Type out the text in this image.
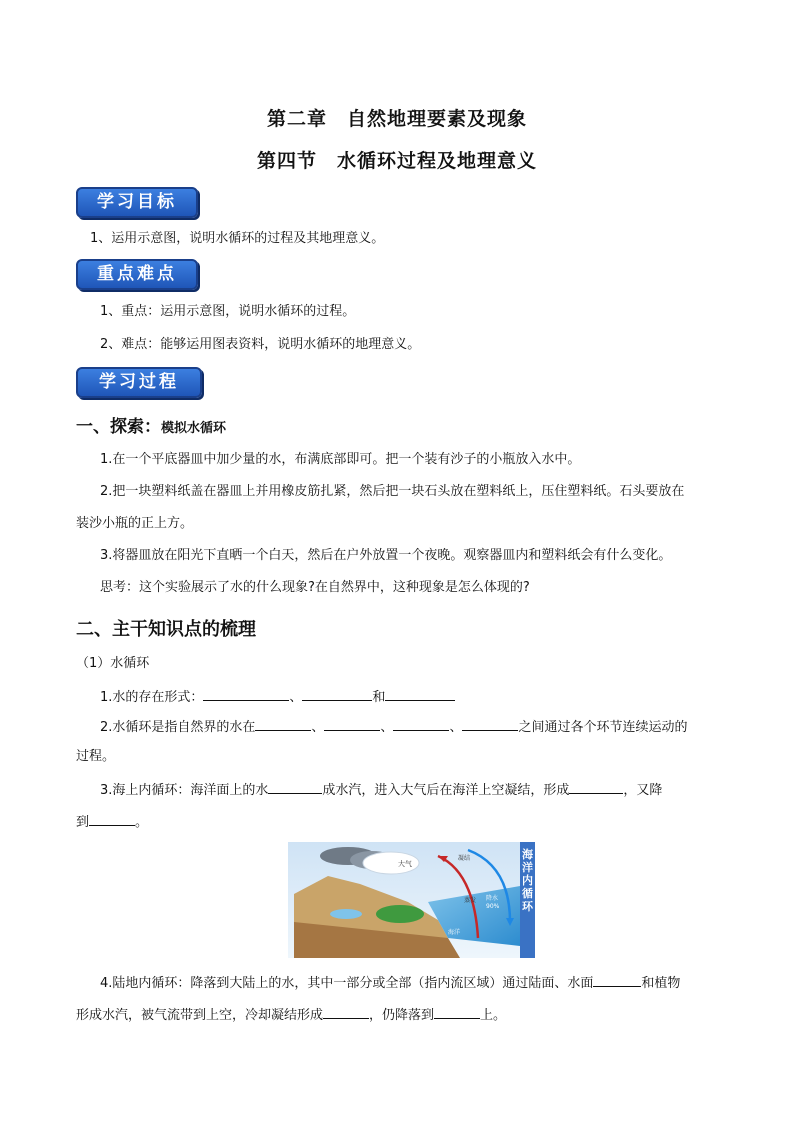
第二章　自然地理要素及现象
第四节　水循环过程及地理意义
学习目标
1、运用示意图，说明水循环的过程及其地理意义。
重点难点
1、重点：运用示意图，说明水循环的过程。
2、难点：能够运用图表资料，说明水循环的地理意义。
学习过程
一、探索：模拟水循环
1.在一个平底器皿中加少量的水，布满底部即可。把一个装有沙子的小瓶放入水中。
2.把一块塑料纸盖在器皿上并用橡皮筋扎紧，然后把一块石头放在塑料纸上，压住塑料纸。石头要放在
装沙小瓶的正上方。
3.将器皿放在阳光下直晒一个白天，然后在户外放置一个夜晚。观察器皿内和塑料纸会有什么变化。
思考：这个实验展示了水的什么现象?在自然界中，这种现象是怎么体现的?
二、主干知识点的梳理
（1）水循环
1.水的存在形式：	、	和
2.水循环是指自然界的水在	、	、	、	之间通过各个环节连续运动的
过程。
3.海上内循环：海洋面上的水	成水汽，进入大气后在海洋上空凝结，形成	，又降
到	。
大气
凝结
蒸发 降水
90%
海洋
海洋内循环
4.陆地内循环：降落到大陆上的水，其中一部分或全部（指内流区域）通过陆面、水面	和植物
形成水汽，被气流带到上空，冷却凝结形成	，仍降落到	上。
